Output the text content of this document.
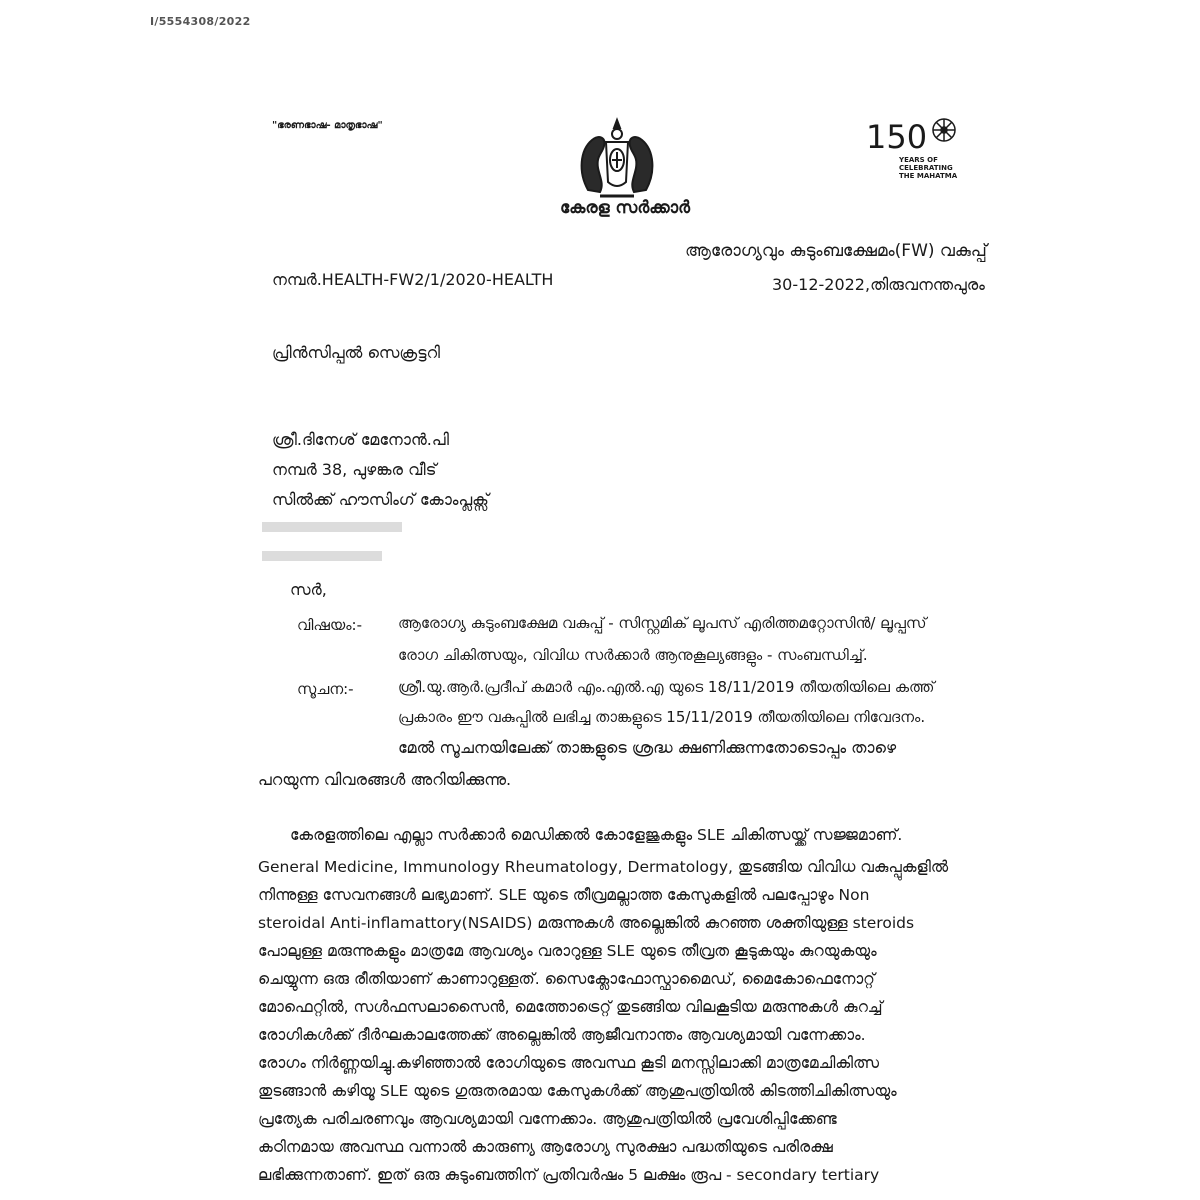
I/5554308/2022
"ഭരണഭാഷ- മാതൃഭാഷ"
കേരള സർക്കാർ
150
YEARS OF
CELEBRATING
THE MAHATMA
ആരോഗ്യവും കുടുംബക്ഷേമം(FW) വകുപ്പ്
നമ്പർ.HEALTH-FW2/1/2020-HEALTH	30-12-2022,തിരുവനന്തപുരം
പ്രിൻസിപ്പൽ സെക്രട്ടറി
ശ്രീ.ദിനേശ് മേനോൻ.പി
നമ്പർ 38, പുഴങ്കര വീട്
സിൽക്ക് ഹൗസിംഗ് കോംപ്ലക്സ്
സർ,
വിഷയം:- ആരോഗ്യ കുടുംബക്ഷേമ വകുപ്പ് - സിസ്റ്റമിക് ലൂപസ് എരിത്തമറ്റോസിൻ/ ലൂപ്പസ്
രോഗ ചികിത്സയും, വിവിധ സർക്കാർ ആനുകൂല്യങ്ങളും - സംബന്ധിച്ച്.
സൂചന:-	ശ്രീ.യു.ആർ.പ്രദീപ് കമാർ എം.എൽ.എ യുടെ 18/11/2019 തീയതിയിലെ കത്ത്
പ്രകാരം ഈ വകുപ്പിൽ ലഭിച്ച താങ്കളുടെ 15/11/2019 തീയതിയിലെ നിവേദനം.
മേൽ സൂചനയിലേക്ക് താങ്കളുടെ ശ്രദ്ധ ക്ഷണിക്കുന്നതോടൊപ്പം താഴെ
പറയുന്ന വിവരങ്ങൾ അറിയിക്കുന്നു.
കേരളത്തിലെ എല്ലാ സർക്കാർ മെഡിക്കൽ കോളേജുകളും SLE ചികിത്സയ്ക്ക് സജ്ജമാണ്.
General Medicine, Immunology Rheumatology, Dermatology, തുടങ്ങിയ വിവിധ വകുപ്പുകളിൽ
നിന്നുള്ള സേവനങ്ങൾ ലഭ്യമാണ്. SLE യുടെ തീവ്രമല്ലാത്ത കേസുകളിൽ പലപ്പോഴും Non
steroidal Anti-inflamattory(NSAIDS) മരുന്നുകൾ അല്ലെങ്കിൽ കുറഞ്ഞ ശക്തിയുള്ള steroids
പോലുള്ള മരുന്നുകളും മാത്രമേ ആവശ്യം വരാറുള്ള SLE യുടെ തീവ്രത കൂടുകയും കുറയുകയും
ചെയ്യുന്ന ഒരു രീതിയാണ് കാണാറുള്ളത്. സൈക്ലോഫോസ്ഫാമൈഡ്, മൈകോഫെനോറ്റ്
മോഫെറ്റിൽ, സൾഫസലാസൈൻ, മെത്തോട്രെറ്റ് തുടങ്ങിയ വിലകൂടിയ മരുന്നുകൾ കുറച്ച്
രോഗികൾക്ക് ദീർഘകാലത്തേക്ക് അല്ലെങ്കിൽ ആജീവനാന്തം ആവശ്യമായി വന്നേക്കാം.
രോഗം നിർണ്ണയിച്ചു.കഴിഞ്ഞാൽ രോഗിയുടെ അവസ്ഥ കൂടി മനസ്സിലാക്കി മാത്രമേചികിത്സ
തുടങ്ങാൻ കഴിയൂ SLE യുടെ ഗുരുതരമായ കേസുകൾക്ക് ആശുപത്രിയിൽ കിടത്തിചികിത്സയും
പ്രത്യേക പരിചരണവും ആവശ്യമായി വന്നേക്കാം. ആശുപത്രിയിൽ പ്രവേശിപ്പിക്കേണ്ട
കഠിനമായ അവസ്ഥ വന്നാൽ കാരുണ്യ ആരോഗ്യ സുരക്ഷാ പദ്ധതിയുടെ പരിരക്ഷ
ലഭിക്കുന്നതാണ്. ഇത് ഒരു കുടുംബത്തിന് പ്രതിവർഷം 5 ലക്ഷം രൂപ - secondary tertiary
